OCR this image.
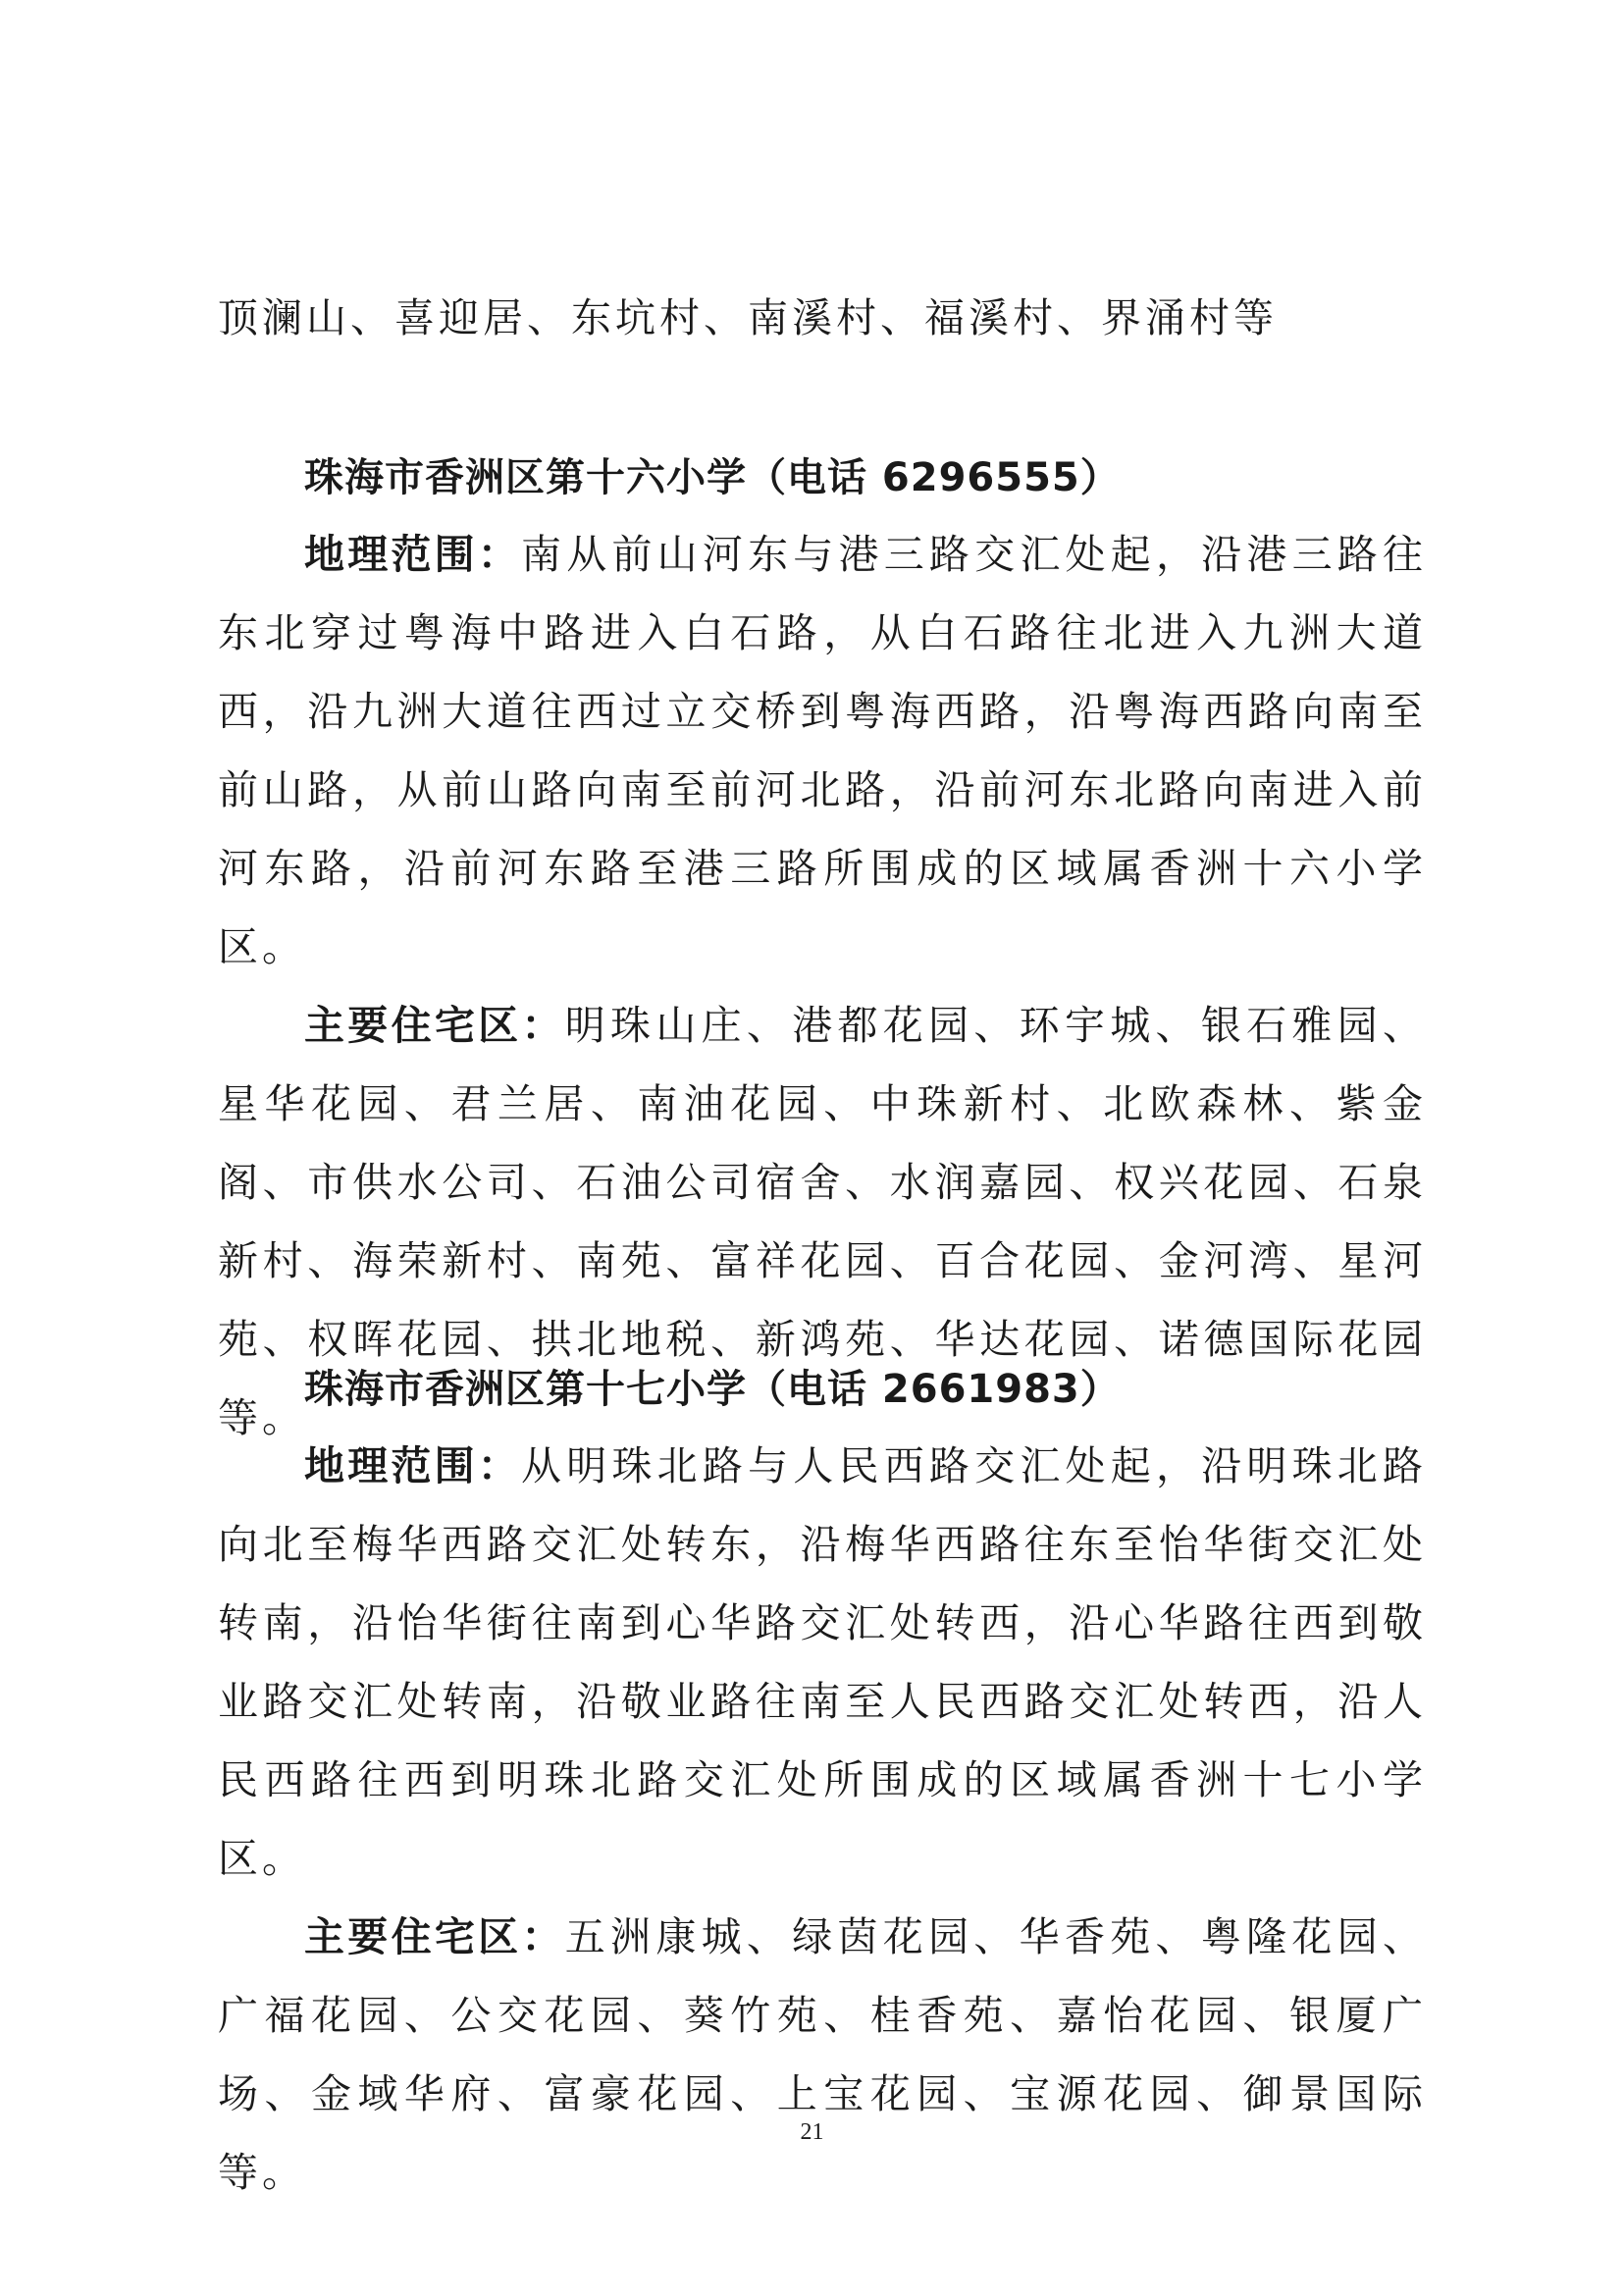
顶澜山、喜迎居、东坑村、南溪村、福溪村、界涌村等
珠海市香洲区第十六小学（电话 6296555）

地理范围：南从前山河东与港三路交汇处起，沿港三路往东北穿过粤海中路进入白石路，从白石路往北进入九洲大道西，沿九洲大道往西过立交桥到粤海西路，沿粤海西路向南至前山路，从前山路向南至前河北路，沿前河东北路向南进入前河东路，沿前河东路至港三路所围成的区域属香洲十六小学区。

主要住宅区：明珠山庄、港都花园、环宇城、银石雅园、星华花园、君兰居、南油花园、中珠新村、北欧森林、紫金阁、市供水公司、石油公司宿舍、水润嘉园、权兴花园、石泉新村、海荣新村、南苑、富祥花园、百合花园、金河湾、星河苑、权晖花园、拱北地税、新鸿苑、华达花园、诺德国际花园等。

珠海市香洲区第十七小学（电话 2661983）

地理范围：从明珠北路与人民西路交汇处起，沿明珠北路向北至梅华西路交汇处转东，沿梅华西路往东至怡华街交汇处转南，沿怡华街往南到心华路交汇处转西，沿心华路往西到敬业路交汇处转南，沿敬业路往南至人民西路交汇处转西，沿人民西路往西到明珠北路交汇处所围成的区域属香洲十七小学区。

主要住宅区：五洲康城、绿茵花园、华香苑、粤隆花园、广福花园、公交花园、葵竹苑、桂香苑、嘉怡花园、银厦广场、金域华府、富豪花园、上宝花园、宝源花园、御景国际等。

21
